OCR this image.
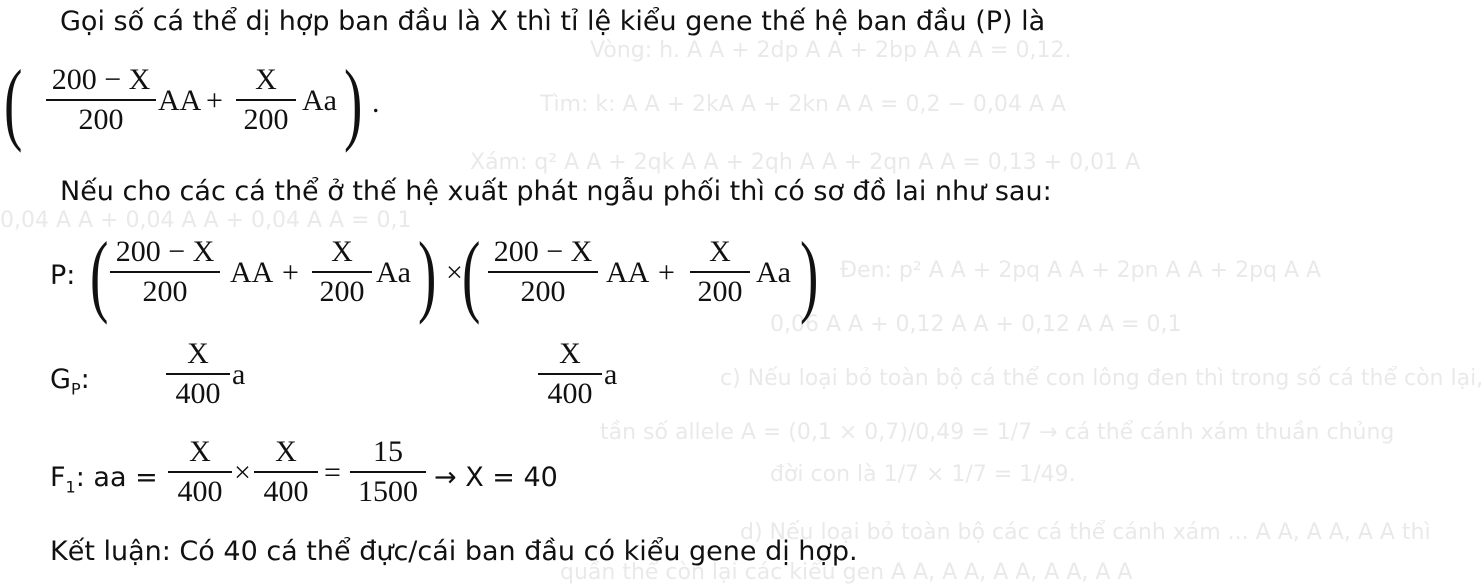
Vòng: h. A A + 2dp A A + 2bp A A A = 0,12.
Tìm: k: A A + 2kA A + 2kn A A = 0,2 − 0,04 A A
Xám: q² A A + 2qk A A + 2qh A A + 2qn A A = 0,13 + 0,01 A
0,04 A A + 0,04 A A + 0,04 A A = 0,1
Đen: p² A A + 2pq A A + 2pn A A + 2pq A A
0,06 A A + 0,12 A A + 0,12 A A = 0,1
c) Nếu loại bỏ toàn bộ cá thể con lông đen thì trong số cá thể còn lại,
tần số allele A = (0,1 × 0,7)/0,49 = 1/7 → cá thể cánh xám thuần chủng
đời con là 1/7 × 1/7 = 1/49.
d) Nếu loại bỏ toàn bộ các cá thể cánh xám ... A A, A A, A A thì
quần thể còn lại các kiểu gen A A, A A, A A, A A, A A
Gọi số cá thể dị hợp ban đầu là X thì tỉ lệ kiểu gene thế hệ ban đầu (P) là
( 200 − X
200
AA +
X
200
Aa ) .
Nếu cho các cá thể ở thế hệ xuất phát ngẫu phối thì có sơ đồ lai như sau:
P: ( 200 − X
200
AA +
X
200
Aa ) × ( 200 − X
200
AA +
X
200
Aa )
$G_P$:
X
400
a
X
400
a
$F_1$: aa =
X
400
×
X
400
=
15
1500 → X = 40
Kết luận: Có 40 cá thể đực/cái ban đầu có kiểu gene dị hợp.
